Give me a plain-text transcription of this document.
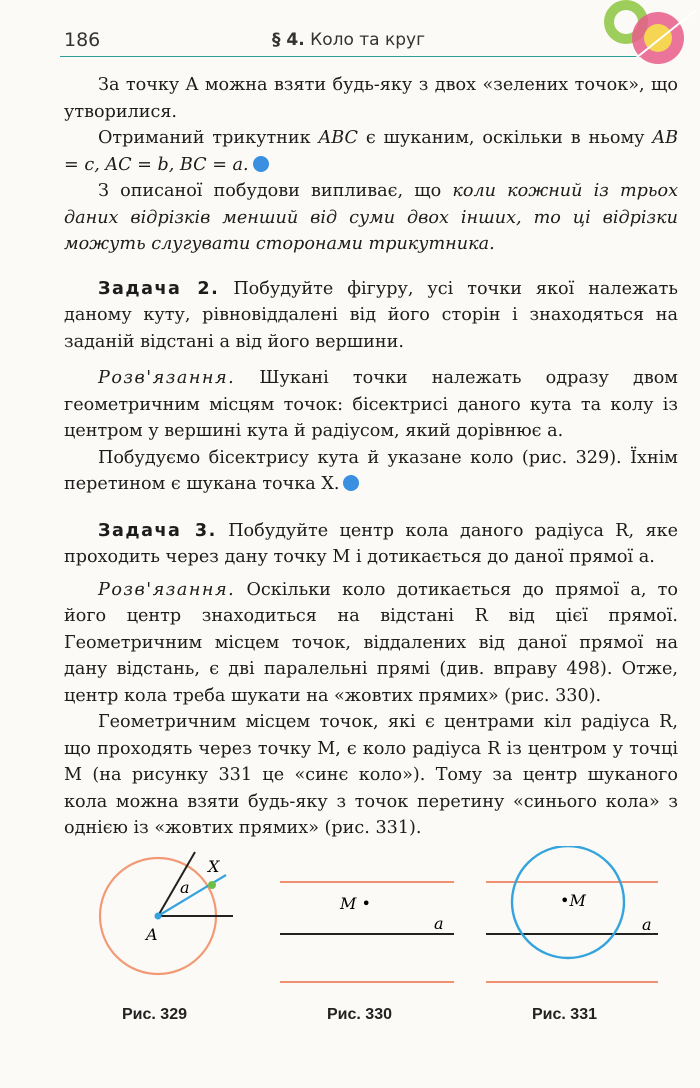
186	§ 4. Коло та круг

За точку A можна взяти будь-яку з двох «зелених точок», що утворилися.

Отриманий трикутник ABC є шуканим, оскільки в ньому AB = c, AC = b, BC = a.

З описаної побудови випливає, що коли кожний із трьох даних відрізків менший від суми двох інших, то ці відрізки можуть слугувати сторонами трикутника.

Задача 2. Побудуйте фігуру, усі точки якої належать даному куту, рівновіддалені від його сторін і знаходяться на заданій відстані a від його вершини.

Розв'язання. Шукані точки належать одразу двом геометричним місцям точок: бісектрисі даного кута та колу із центром у вершині кута й радіусом, який дорівнює a.

Побудуємо бісектрису кута й указане коло (рис. 329). Їхнім перетином є шукана точка X.

Задача 3. Побудуйте центр кола даного радіуса R, яке проходить через дану точку M і дотикається до даної прямої a.

Розв'язання. Оскільки коло дотикається до прямої a, то його центр знаходиться на відстані R від цієї прямої. Геометричним місцем точок, віддалених від даної прямої на дану відстань, є дві паралельні прямі (див. вправу 498). Отже, центр кола треба шукати на «жовтих прямих» (рис. 330).

Геометричним місцем точок, які є центрами кіл радіуса R, що проходять через точку M, є коло радіуса R із центром у точці M (на рисунку 331 це «синє коло»). Тому за центр шуканого кола можна взяти будь-яку з точок перетину «синього кола» з однією із «жовтих прямих» (рис. 331).

a
X
A
Рис. 329
M •
a
Рис. 330
•M
a
Рис. 331
